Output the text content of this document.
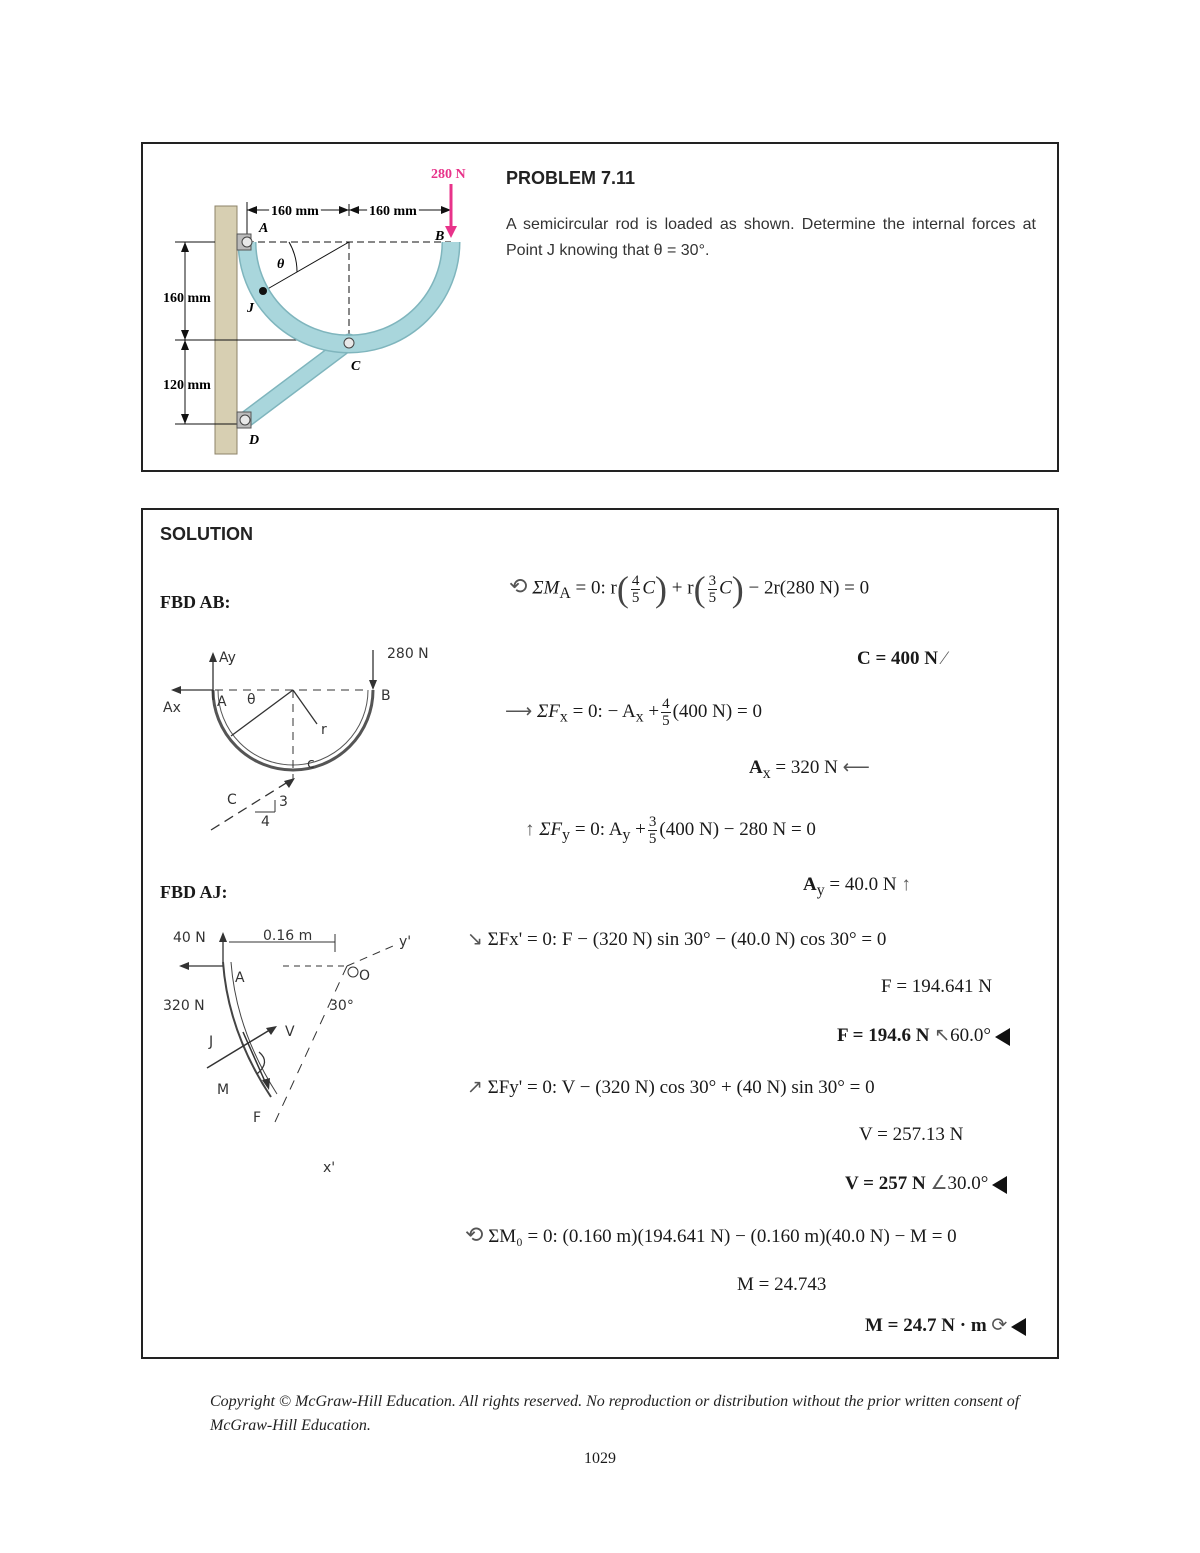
160 mm
120 mm
160 mm	160 mm
A
B
C
D
J
θ
280 N PROBLEM 7.11
A semicircular rod is loaded as shown. Determine the internal forces at Point J knowing that θ = 30°.
SOLUTION
FBD AB:
FBD AJ:
280 N
Ay
Ax	A θ	B
r
c
C	3
4
40 N
320 N
0.16 m
A	O
30°
J
M
F
V
x'
y'
⟲ $\Sigma M_A = 0$: $r( \frac{4}{5} C) + r( \frac{3}{5} C) - 2r(280$ N) = 0
C = 400 N ⁄
⟶ $\Sigma F_x = 0$: − $A_x + \frac{4}{5} (400$ N) = 0
$A_x = 320$ N ⟵
↑ $\Sigma F_y = 0$: $A_y + \frac{3}{5} (400$ N) − 280 N = 0
$A_y = 40.0$ N ↑
↘ ΣFx' = 0: F − (320 N) sin 30° − (40.0 N) cos 30° = 0
F = 194.641 N
F = 194.6 N ↖60.0°
↗ ΣFy' = 0: V − (320 N) cos 30° + (40 N) sin 30° = 0
V = 257.13 N
V = 257 N ∠30.0°
⟲ ΣM₀ = 0: (0.160 m)(194.641 N) − (0.160 m)(40.0 N) − M = 0
M = 24.743
M = 24.7 N · m ⟳
Copyright © McGraw-Hill Education. All rights reserved. No reproduction or distribution without the prior written consent of McGraw-Hill Education.
1029
